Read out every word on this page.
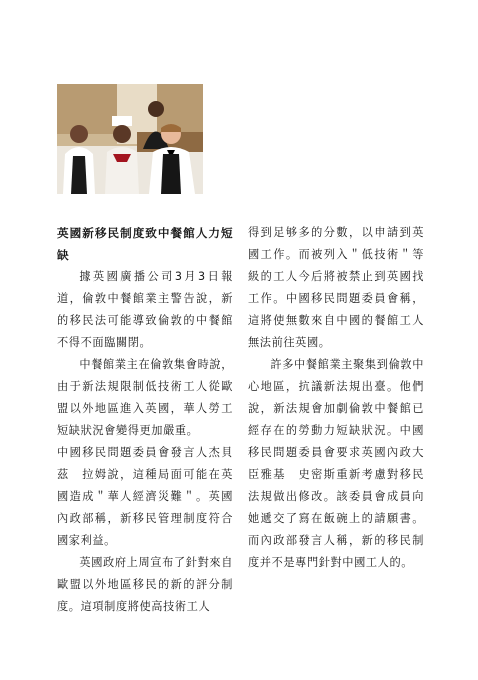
英國新移民制度致中餐館人力短缺

據英國廣播公司3月3日報道，倫敦中餐館業主警告說，新的移民法可能導致倫敦的中餐館不得不面臨關閉。

中餐館業主在倫敦集會時說，由于新法規限制低技術工人從歐盟以外地區進入英國，華人勞工短缺狀況會變得更加嚴重。

中國移民問題委員會發言人杰貝茲　拉姆說，這種局面可能在英國造成＂華人經濟災難＂。英國內政部稱，新移民管理制度符合國家利益。

英國政府上周宣布了針對來自歐盟以外地區移民的新的評分制度。這項制度將使高技術工人

得到足够多的分數，以申請到英國工作。而被列入＂低技術＂等級的工人今后將被禁止到英國找工作。中國移民問題委員會稱，這將使無數來自中國的餐館工人無法前往英國。

許多中餐館業主聚集到倫敦中心地區，抗議新法規出臺。他們說，新法規會加劇倫敦中餐館已經存在的勞動力短缺狀況。中國移民問題委員會要求英國內政大臣雅基　史密斯重新考慮對移民法規做出修改。該委員會成員向她遞交了寫在飯碗上的請願書。而內政部發言人稱，新的移民制度并不是專門針對中國工人的。
